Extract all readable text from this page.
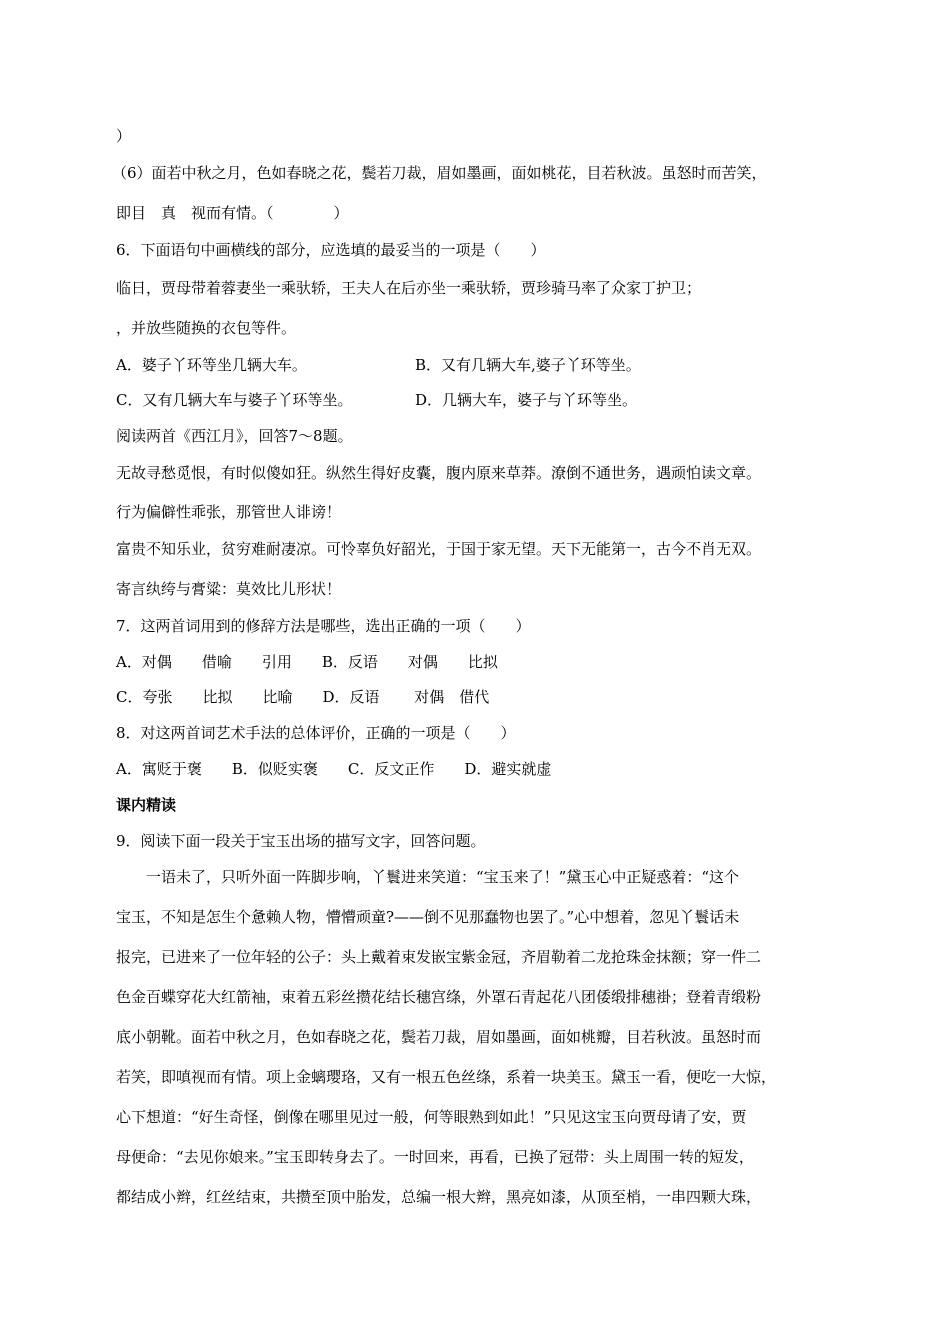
）
（6）面若中秋之月，色如春晓之花，鬓若刀裁，眉如墨画，面如桃花，目若秋波。虽怒时而苦笑，
即目　真　视而有情。（　　　　）
6．下面语句中画横线的部分，应选填的最妥当的一项是（　　）
临日，贾母带着蓉妻坐一乘驮轿，王夫人在后亦坐一乘驮轿，贾珍骑马率了众家丁护卫；
，并放些随换的衣包等件。
A．婆子丫环等坐几辆大车。	B．又有几辆大车,婆子丫环等坐。
C．又有几辆大车与婆子丫环等坐。	D．几辆大车，婆子与丫环等坐。
阅读两首《西江月》，回答7～8题。
无故寻愁觅恨，有时似傻如狂。纵然生得好皮囊，腹内原来草莽。潦倒不通世务，遇顽怕读文章。
行为偏僻性乖张，那管世人诽谤！
富贵不知乐业，贫穷难耐凄凉。可怜辜负好韶光，于国于家无望。天下无能第一，古今不肖无双。
寄言纨绔与膏粱：莫效比儿形状！
7．这两首词用到的修辞方法是哪些，选出正确的一项（　　）
A．对偶　　借喻　　引用　　B．反语　　对偶　　比拟
C．夸张　　比拟　　比喻　　D．反语　　 对偶　借代
8．对这两首词艺术手法的总体评价，正确的一项是（　　）
A．寓贬于褒　　B．似贬实褒　　C．反文正作　　D．避实就虚
课内精读
9．阅读下面一段关于宝玉出场的描写文字，回答问题。
一语未了，只听外面一阵脚步响，丫鬟进来笑道：“宝玉来了！”黛玉心中正疑惑着：“这个
宝玉，不知是怎生个惫赖人物，懵懵顽童?——倒不见那蠢物也罢了。”心中想着，忽见丫鬟话未
报完，已进来了一位年轻的公子：头上戴着束发嵌宝紫金冠，齐眉勒着二龙抢珠金抹额；穿一件二
色金百蝶穿花大红箭袖，束着五彩丝攒花结长穗宫绦，外罩石青起花八团倭缎排穗褂；登着青缎粉
底小朝靴。面若中秋之月，色如春晓之花，鬓若刀裁，眉如墨画，面如桃瓣，目若秋波。虽怒时而
若笑，即嗔视而有情。项上金螭璎珞，又有一根五色丝绦，系着一块美玉。黛玉一看，便吃一大惊，
心下想道：“好生奇怪，倒像在哪里见过一般，何等眼熟到如此！”只见这宝玉向贾母请了安，贾
母便命：“去见你娘来。”宝玉即转身去了。一时回来，再看，已换了冠带：头上周围一转的短发，
都结成小辫，红丝结束，共攒至顶中胎发，总编一根大辫，黑亮如漆，从顶至梢，一串四颗大珠，
